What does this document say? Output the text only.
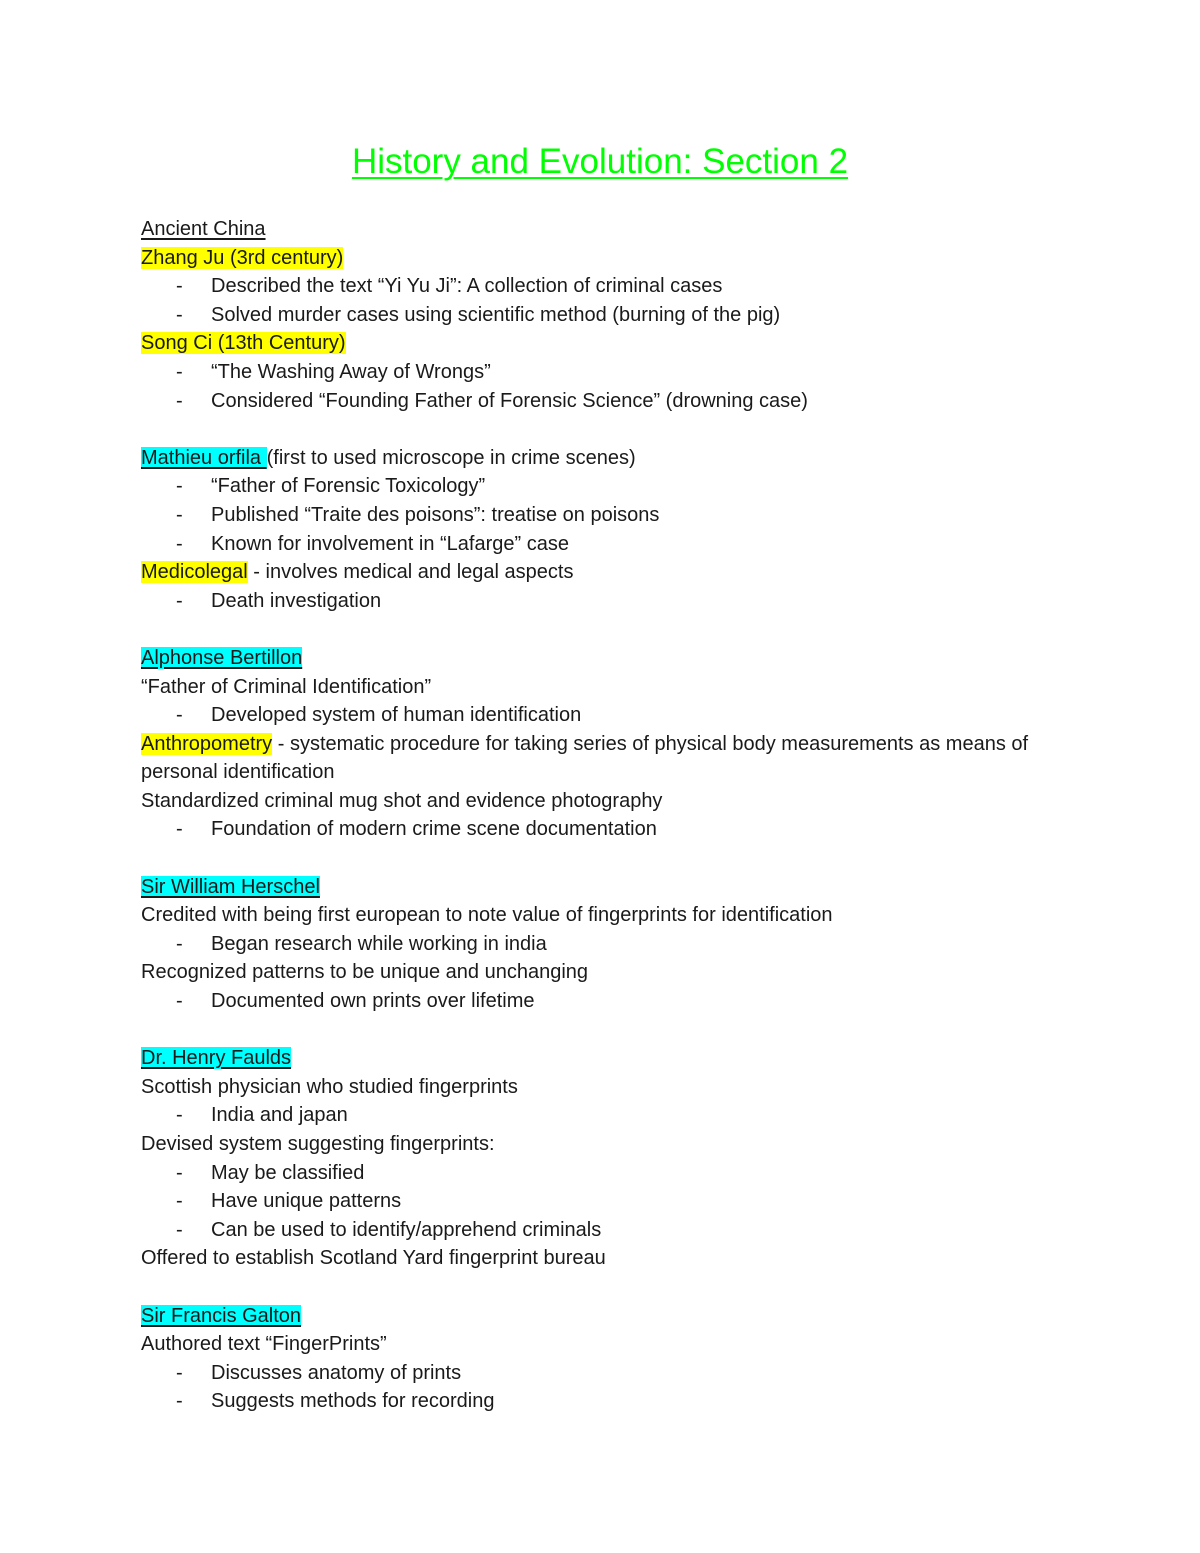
History and Evolution: Section 2
Ancient China
Zhang Ju (3rd century)
- Described the text “Yi Yu Ji”: A collection of criminal cases
- Solved murder cases using scientific method (burning of the pig)
Song Ci (13th Century)
- “The Washing Away of Wrongs”
- Considered “Founding Father of Forensic Science” (drowning case)
Mathieu orfila (first to used microscope in crime scenes)
- “Father of Forensic Toxicology”
- Published “Traite des poisons”: treatise on poisons
- Known for involvement in “Lafarge” case
Medicolegal - involves medical and legal aspects
- Death investigation
Alphonse Bertillon
“Father of Criminal Identification”
- Developed system of human identification
Anthropometry - systematic procedure for taking series of physical body measurements as means of personal identification
Standardized criminal mug shot and evidence photography
- Foundation of modern crime scene documentation
Sir William Herschel
Credited with being first european to note value of fingerprints for identification
- Began research while working in india
Recognized patterns to be unique and unchanging
- Documented own prints over lifetime
Dr. Henry Faulds
Scottish physician who studied fingerprints
- India and japan
Devised system suggesting fingerprints:
- May be classified
- Have unique patterns
- Can be used to identify/apprehend criminals
Offered to establish Scotland Yard fingerprint bureau
Sir Francis Galton
Authored text “FingerPrints”
- Discusses anatomy of prints
- Suggests methods for recording
